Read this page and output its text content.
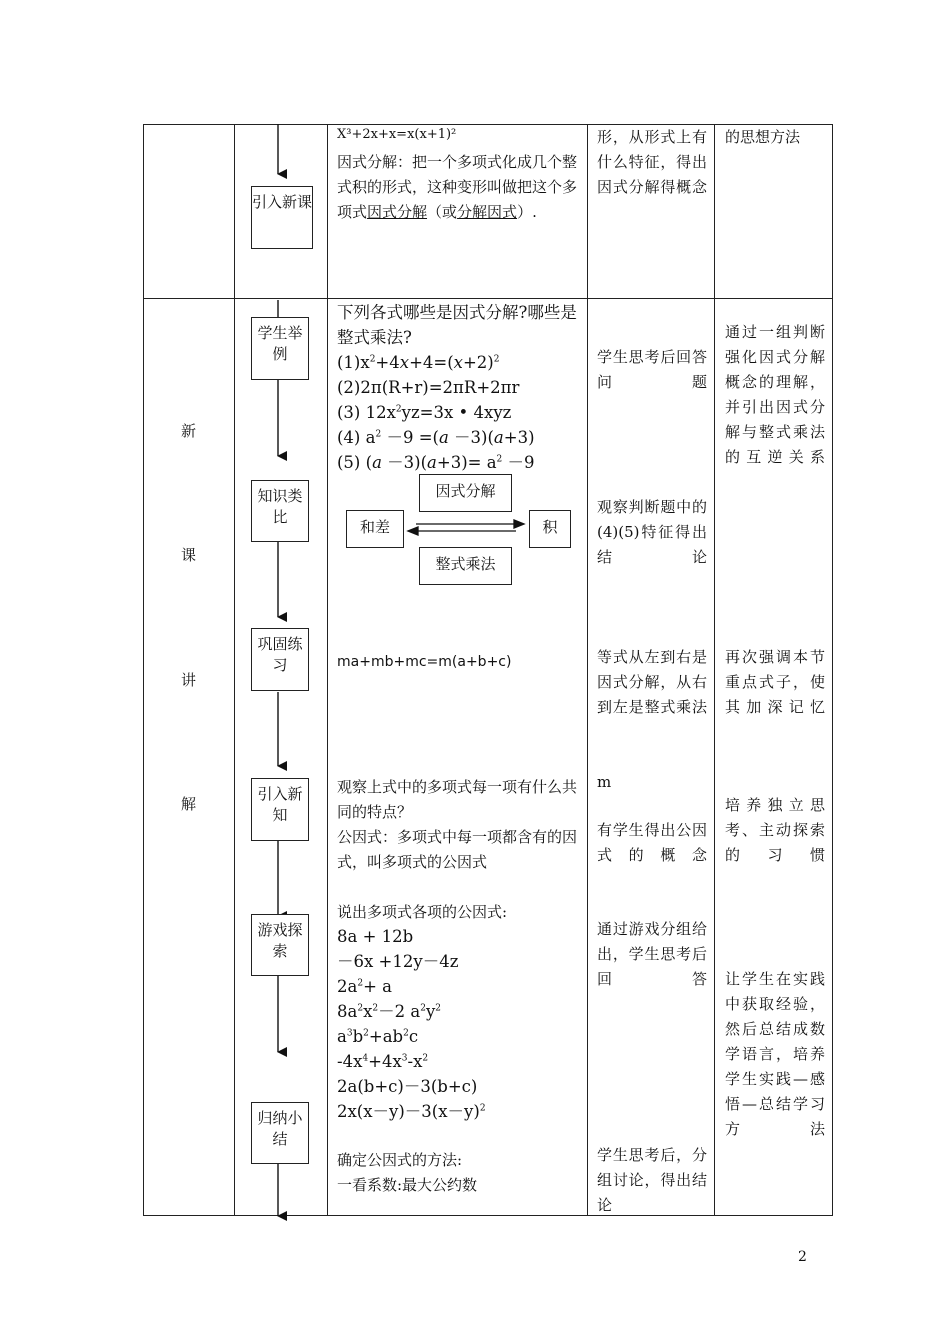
引入新课
学生举例
知识类比
巩固练习
引入新知
游戏探索
归纳小结
新
课
讲
解
X³+2x+x=x(x+1)²
因式分解：把一个多项式化成几个整式积的形式，这种变形叫做把这个多项式因式分解（或分解因式）.
形，从形式上有什么特征，得出因式分解得概念
的思想方法
下列各式哪些是因式分解?哪些是整式乘法?
$(1)x^2+4x+4=(x+2)^2$
(2)2π(R+r)=2πR+2πr
(3) $12x^2yz=3x$ • 4xyz
(4) $a^2 -9 =(a -3)(a+3)$
(5) $(a -3)(a+3)= a^2 -9$
因式分解
和差	积
整式乘法
ma+mb+mc=m(a+b+c)
观察上式中的多项式每一项有什么共同的特点？
公因式：多项式中每一项都含有的因式，叫多项式的公因式
说出多项式各项的公因式:
8a + 12b
－6x +12y－4z
$2a^2+ a$
$8a^2x^2-2$ $a^2y^2$
$a^3b^2+ab^2c$
$-4x^4+4x^3-x^2$
2a(b+c)－3(b+c)
$2x(x-y)-3(x-y)^2$
确定公因式的方法:
一看系数:最大公约数
学生思考后回答问题
观察判断题中的(4)(5)特征得出结论
等式从左到右是因式分解，从右到左是整式乘法
m
有学生得出公因式的概念
通过游戏分组给出，学生思考后回答
学生思考后，分组讨论，得出结论
通过一组判断强化因式分解概念的理解，并引出因式分解与整式乘法的互逆关系
再次强调本节重点式子，使其加深记忆
培养独立思考、主动探索的习惯
让学生在实践中获取经验，然后总结成数学语言，培养学生实践—感悟—总结学习方法
2
